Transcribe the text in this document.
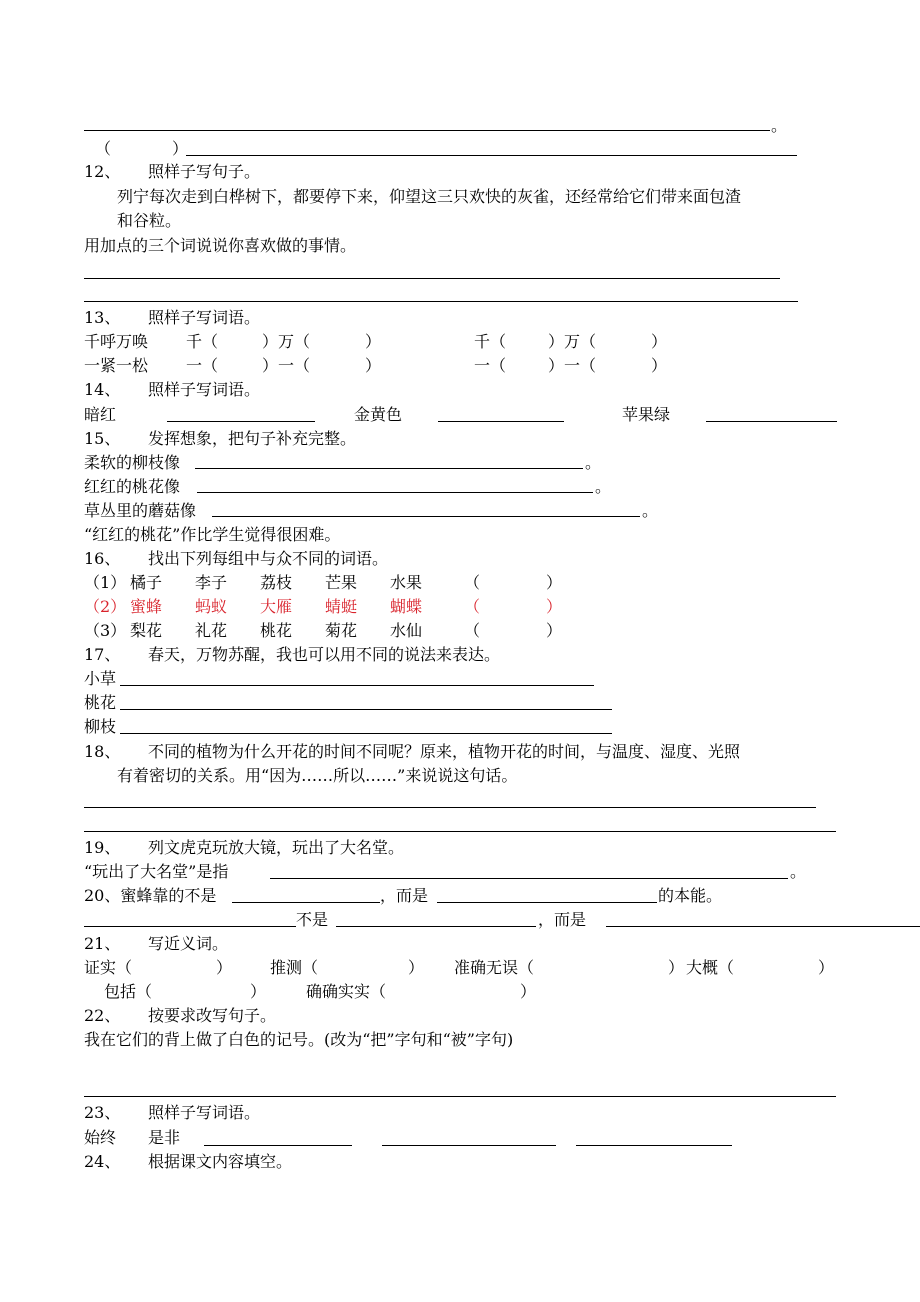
。
（	）
12、 照样子写句子。
列宁每次走到白桦树下，都要停下来，仰望这三只欢快的灰雀，还经常给它们带来面包渣
和谷粒。
用加点的三个词说说你喜欢做的事情。
13、 照样子写词语。
千呼万唤 千（	）万（	）	千（	）万（	）
一紧一松 一（	）一（	）	一（	）一（	）
14、 照样子写词语。
暗红	金黄色	苹果绿
15、 发挥想象，把句子补充完整。
柔软的柳枝像	。
红红的桃花像	。
草丛里的蘑菇像	。
“红红的桃花”作比学生觉得很困难。
16、 找出下列每组中与众不同的词语。
（1） 橘子 李子 荔枝 芒果 水果	（	）
（2） 蜜蜂 蚂蚁 大雁 蜻蜓 蝴蝶	（	）
（3） 梨花 礼花 桃花 菊花 水仙	（	）
17、 春天，万物苏醒，我也可以用不同的说法来表达。
小草
桃花
柳枝
18、 不同的植物为什么开花的时间不同呢？原来，植物开花的时间，与温度、湿度、光照
有着密切的关系。用“因为……所以……”来说说这句话。
19、 列文虎克玩放大镜，玩出了大名堂。
“玩出了大名堂”是指	。
20、蜜蜂靠的不是	，而是	的本能。
不是	，而是
21、 写近义词。
证实（	） 推测（	） 准确无误（	） 大概（	）
包括（	） 确确实实（	）
22、 按要求改写句子。
我在它们的背上做了白色的记号。(改为“把”字句和“被”字句)
23、 照样子写词语。
始终 是非
24、 根据课文内容填空。
